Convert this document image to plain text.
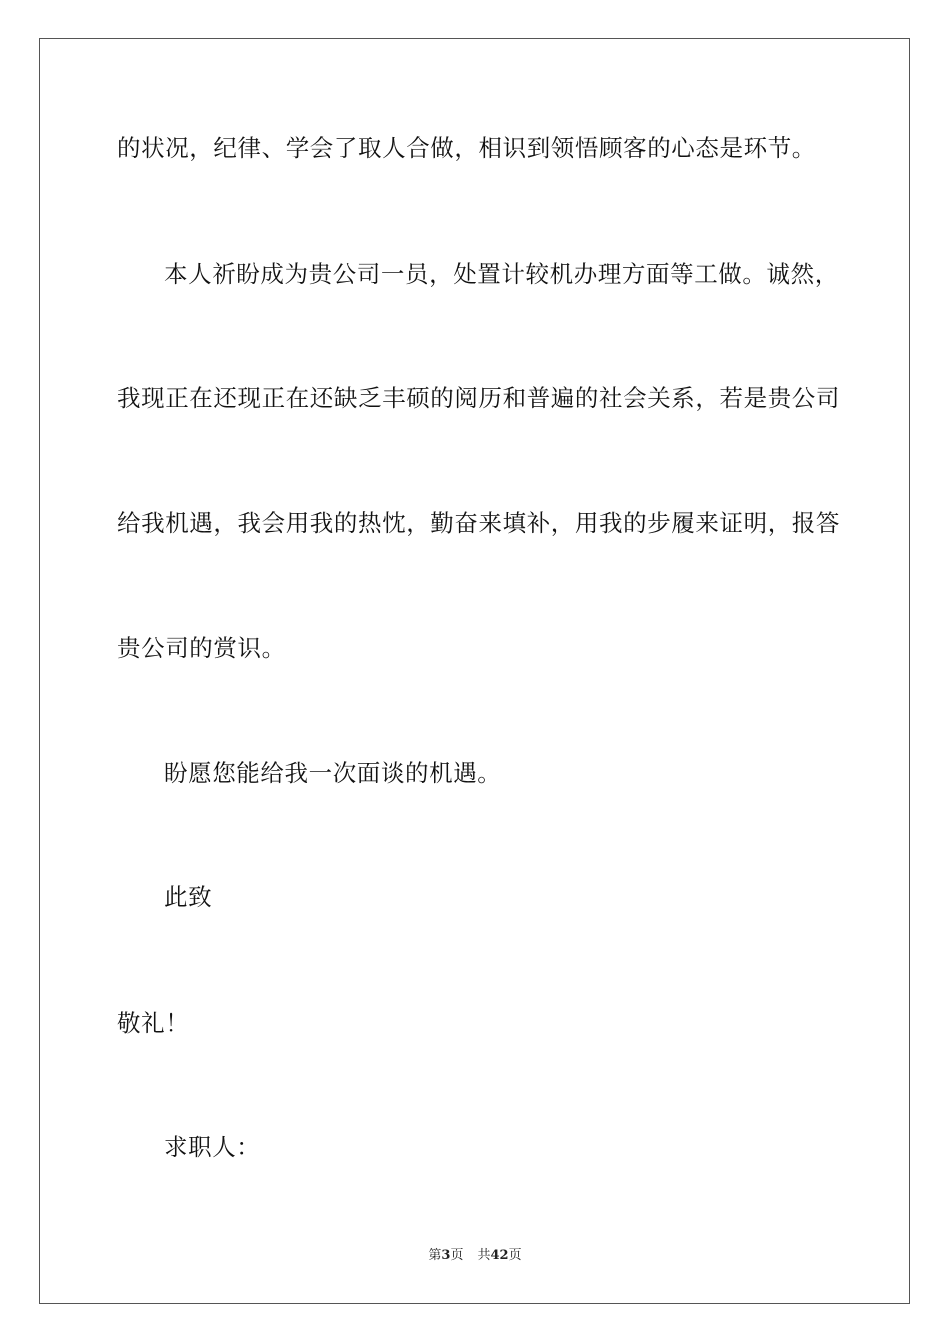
的状况，纪律、学会了取人合做，相识到领悟顾客的心态是环节。
本人祈盼成为贵公司一员，处置计较机办理方面等工做。诚然，
我现正在还现正在还缺乏丰硕的阅历和普遍的社会关系，若是贵公司
给我机遇，我会用我的热忱，勤奋来填补，用我的步履来证明，报答
贵公司的赏识。
盼愿您能给我一次面谈的机遇。
此致
敬礼！
求职人：
第3页 共42页
